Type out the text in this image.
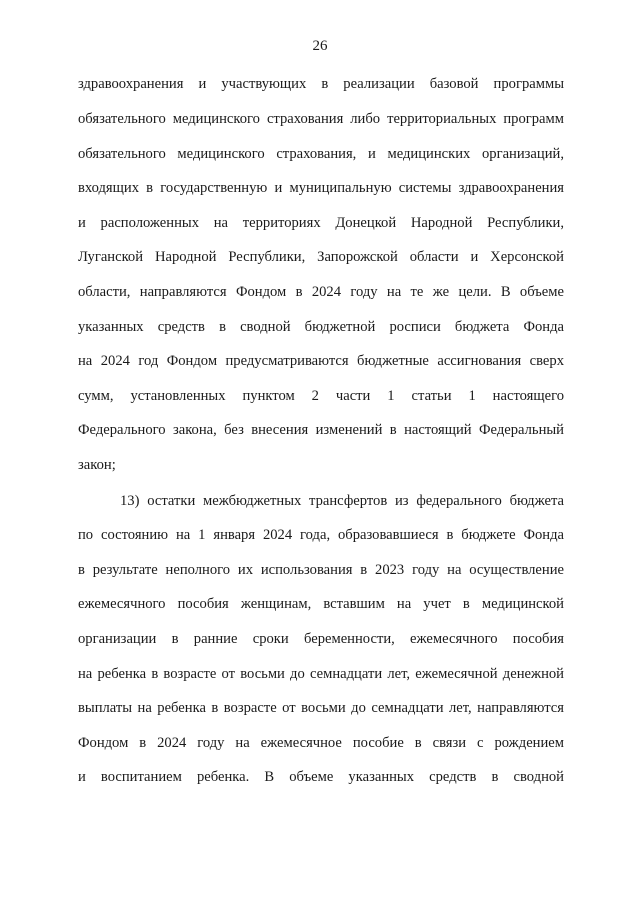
26
здравоохранения и участвующих в реализации базовой программы
обязательного медицинского страхования либо территориальных программ
обязательного медицинского страхования, и медицинских организаций,
входящих в государственную и муниципальную системы здравоохранения
и расположенных на территориях Донецкой Народной Республики,
Луганской Народной Республики, Запорожской области и Херсонской
области, направляются Фондом в 2024 году на те же цели. В объеме
указанных средств в сводной бюджетной росписи бюджета Фонда
на 2024 год Фондом предусматриваются бюджетные ассигнования сверх
сумм, установленных пунктом 2 части 1 статьи 1 настоящего
Федерального закона, без внесения изменений в настоящий Федеральный
закон;
13) остатки межбюджетных трансфертов из федерального бюджета
по состоянию на 1 января 2024 года, образовавшиеся в бюджете Фонда
в результате неполного их использования в 2023 году на осуществление
ежемесячного пособия женщинам, вставшим на учет в медицинской
организации в ранние сроки беременности, ежемесячного пособия
на ребенка в возрасте от восьми до семнадцати лет, ежемесячной денежной
выплаты на ребенка в возрасте от восьми до семнадцати лет, направляются
Фондом в 2024 году на ежемесячное пособие в связи с рождением
и воспитанием ребенка. В объеме указанных средств в сводной
